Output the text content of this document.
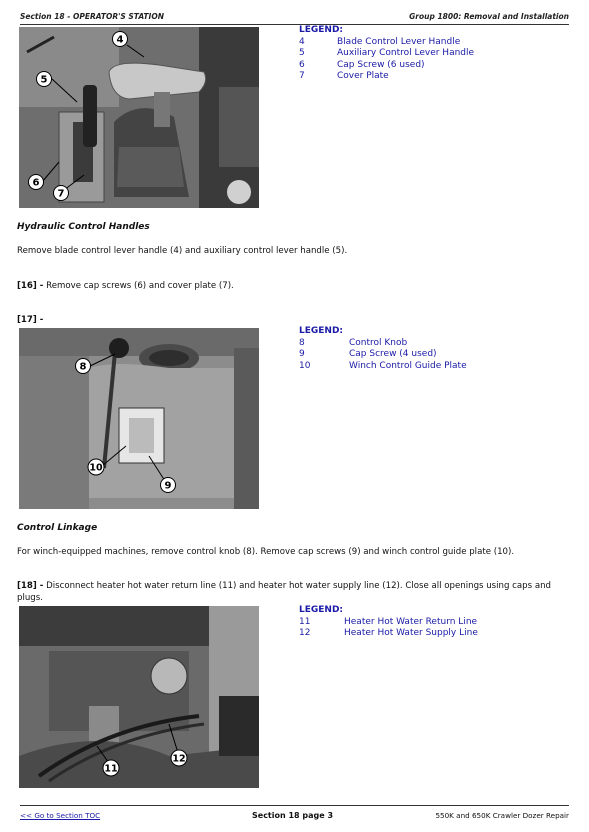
Section 18 - OPERATOR'S STATION	Group 1800: Removal and Installation
4
5
6
7
LEGEND:
4	Blade Control Lever Handle
5	Auxiliary Control Lever Handle
6	Cap Screw (6 used)
7	Cover Plate
Hydraulic Control Handles
Remove blade control lever handle (4) and auxiliary control lever handle (5).
[16] - Remove cap screws (6) and cover plate (7).
[17] -
8
9
10
LEGEND:
8	Control Knob
9	Cap Screw (4 used)
10	Winch Control Guide Plate
Control Linkage
For winch-equipped machines, remove control knob (8). Remove cap screws (9) and winch control guide plate (10).
[18] - Disconnect heater hot water return line (11) and heater hot water supply line (12). Close all openings using caps and plugs.
11
12
LEGEND:
11	Heater Hot Water Return Line
12	Heater Hot Water Supply Line
<< Go to Section TOC	Section 18 page 3	550K and 650K Crawler Dozer Repair
